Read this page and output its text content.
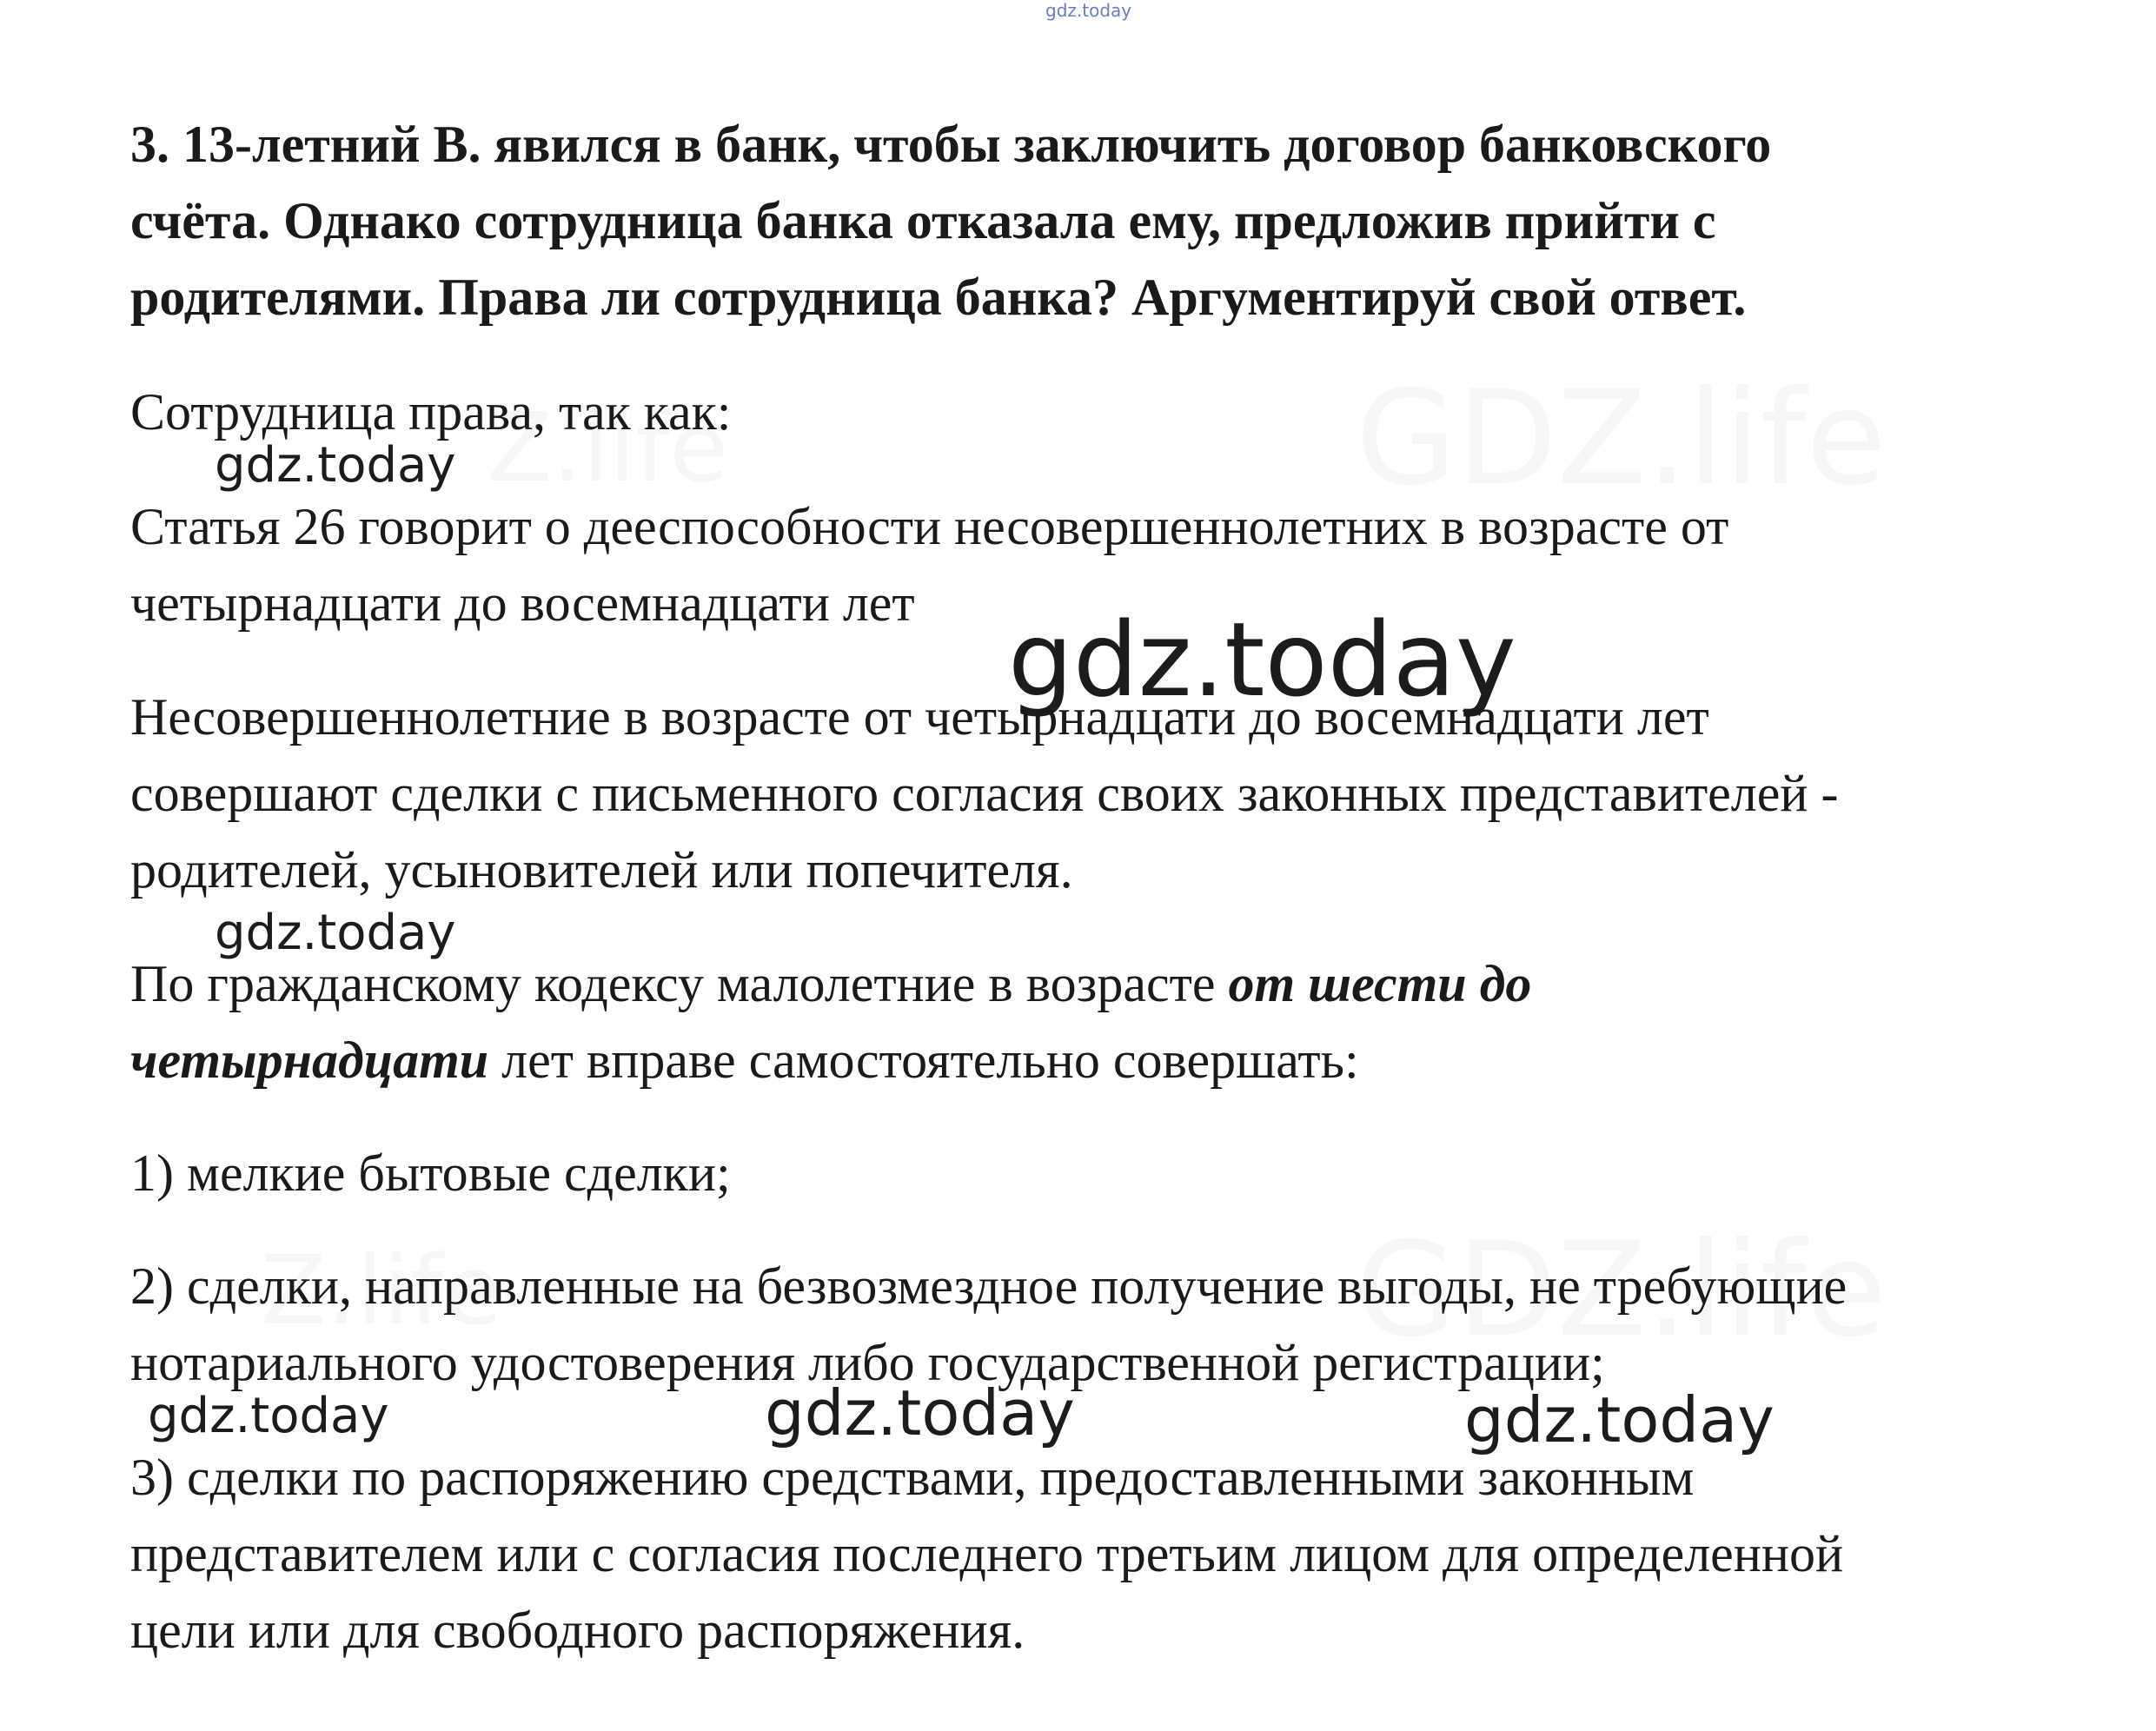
gdz.today

3. 13-летний В. явился в банк, чтобы заключить договор банковского
счёта. Однако сотрудница банка отказала ему, предложив прийти с
родителями. Права ли сотрудница банка? Аргументируй свой ответ.

Сотрудница права, так как:

gdz.today

Статья 26 говорит о дееспособности несовершеннолетних в возрасте от
четырнадцати до восемнадцати лет gdz.today

Несовершеннолетние в возрасте от четырнадцати до восемнадцати лет
совершают сделки с письменного согласия своих законных представителей -
родителей, усыновителей или попечителя.

gdz.today

По гражданскому кодексу малолетние в возрасте от шести до
четырнадцати лет вправе самостоятельно совершать:

1) мелкие бытовые сделки;

2) сделки, направленные на безвозмездное получение выгоды, не требующие
нотариального удостоверения либо государственной регистрации;

gdz.today	gdz.today	gdz.today

3) сделки по распоряжению средствами, предоставленными законным
представителем или с согласия последнего третьим лицом для определенной
цели или для свободного распоряжения.
